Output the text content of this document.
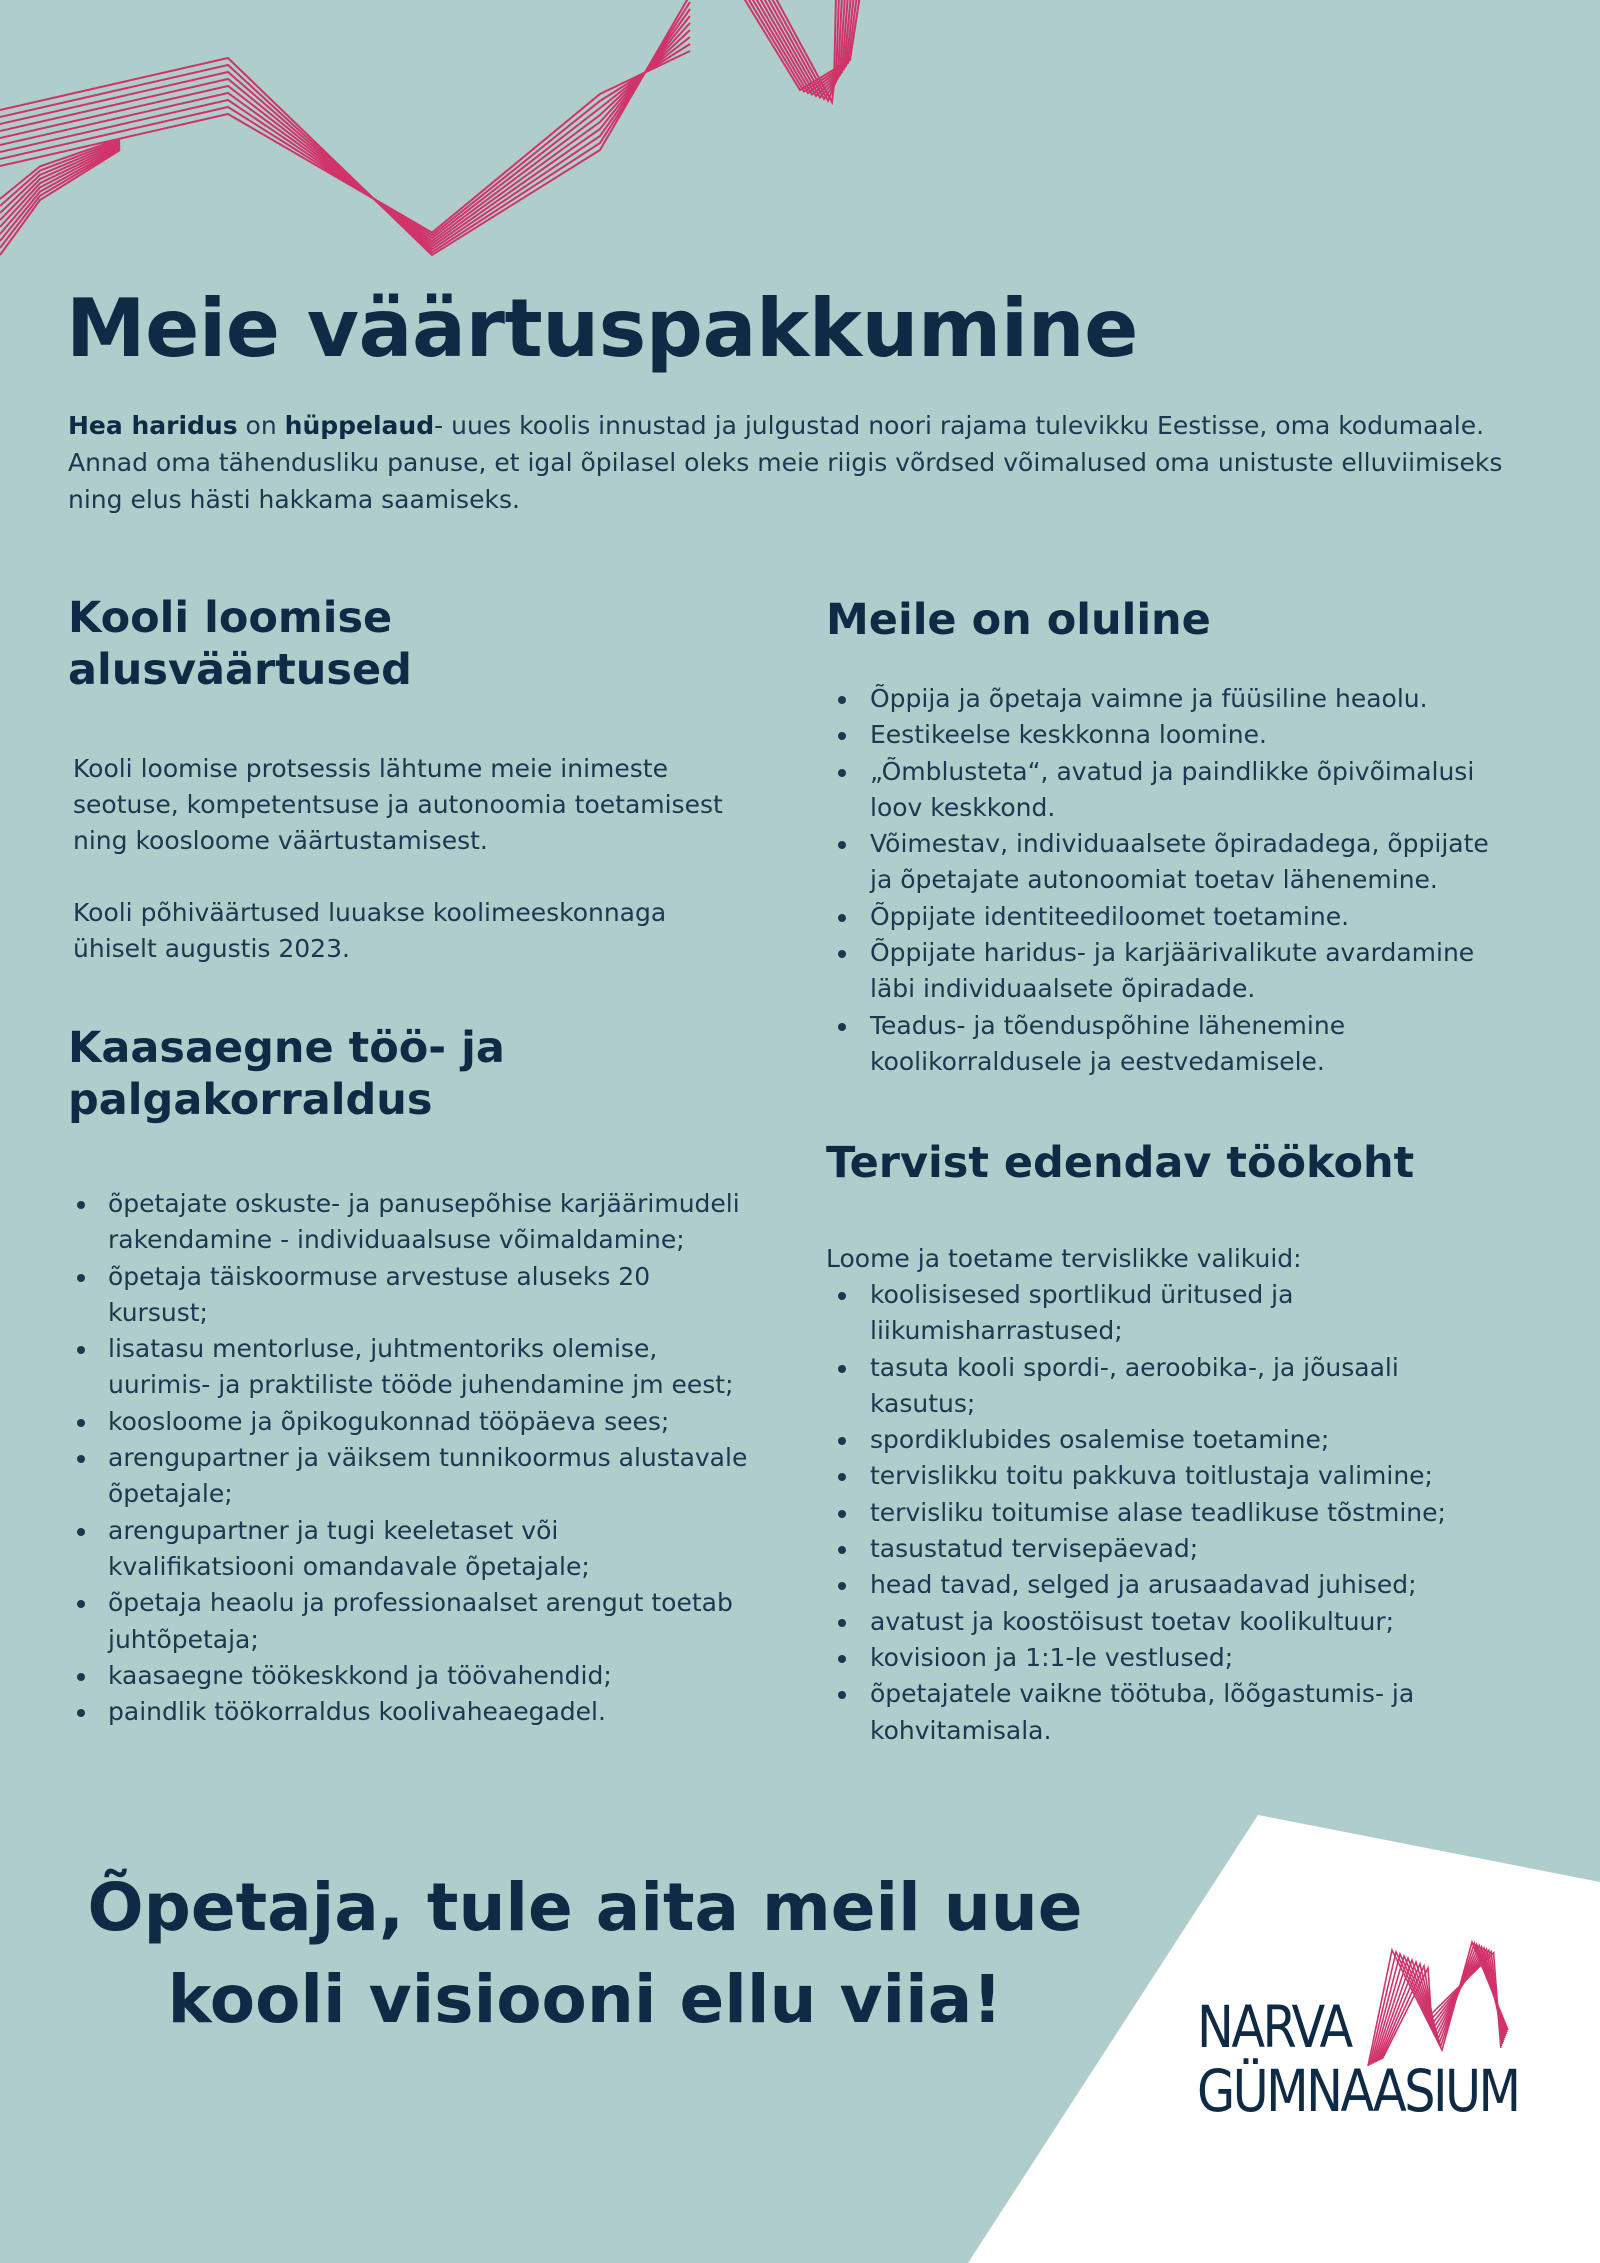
Meie väärtuspakkumine

Hea haridus on hüppelaud- uues koolis innustad ja julgustad noori rajama tulevikku Eestisse, oma kodumaale. Annad oma tähendusliku panuse, et igal õpilasel oleks meie riigis võrdsed võimalused oma unistuste elluviimiseks ning elus hästi hakkama saamiseks.

Kooli loomise alusväärtused

Kooli loomise protsessis lähtume meie inimeste seotuse, kompetentsuse ja autonoomia toetamisest ning koosloome väärtustamisest.

Kooli põhiväärtused luuakse koolimeeskonnaga ühiselt augustis 2023.

Kaasaegne töö- ja palgakorraldus
õpetajate oskuste- ja panusepõhise karjäärimudeli rakendamine - individuaalsuse võimaldamine;
õpetaja täiskoormuse arvestuse aluseks 20 kursust;
lisatasu mentorluse, juhtmentoriks olemise, uurimis- ja praktiliste tööde juhendamine jm eest;
koosloome ja õpikogukonnad tööpäeva sees;
arengupartner ja väiksem tunnikoormus alustavale õpetajale;
arengupartner ja tugi keeletaset või kvalifikatsiooni omandavale õpetajale;
õpetaja heaolu ja professionaalset arengut toetab juhtõpetaja;
kaasaegne töökeskkond ja töövahendid;
paindlik töökorraldus koolivaheaegadel.
Meile on oluline
Õppija ja õpetaja vaimne ja füüsiline heaolu.
Eestikeelse keskkonna loomine.
„Õmblusteta“, avatud ja paindlikke õpivõimalusi loov keskkond.
Võimestav, individuaalsete õpiradadega, õppijate ja õpetajate autonoomiat toetav lähenemine.
Õppijate identiteediloomet toetamine.
Õppijate haridus- ja karjäärivalikute avardamine läbi individuaalsete õpiradade.
Teadus- ja tõenduspõhine lähenemine koolikorraldusele ja eestvedamisele.
Tervist edendav töökoht

Loome ja toetame tervislikke valikuid:

koolisisesed sportlikud üritused ja liikumisharrastused;
tasuta kooli spordi-, aeroobika-, ja jõusaali kasutus;
spordiklubides osalemise toetamine;
tervislikku toitu pakkuva toitlustaja valimine;
tervisliku toitumise alase teadlikuse tõstmine;
tasustatud tervisepäevad;
head tavad, selged ja arusaadavad juhised;
avatust ja koostöisust toetav koolikultuur;
kovisioon ja 1:1-le vestlused;
õpetajatele vaikne töötuba, lõõgastumis- ja kohvitamisala.
Õpetaja, tule aita meil uue
kooli visiooni ellu viia!	NARVA
GÜMNAASIUM
